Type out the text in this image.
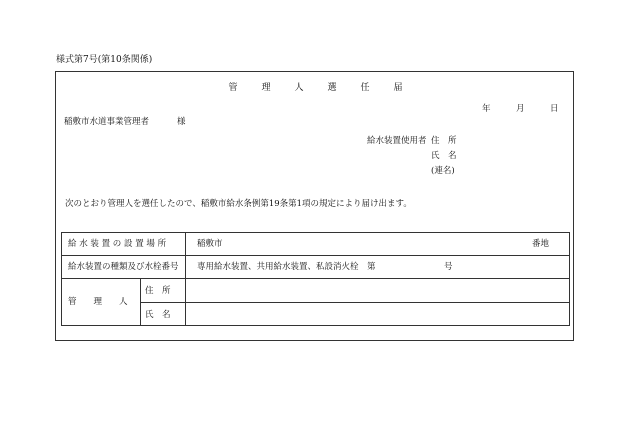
様式第7号(第10条関係)
管	理	人	選	任	届
年	月	日
稲敷市水道事業管理者	様
給水装置使用者 住　所
氏　名
(連名)
次のとおり管理人を選任したので、稲敷市給水条例第19条第1項の規定により届け出ます。
給 水 装 置 の 設 置 場 所	稲敷市	番地
給水装置の種類及び水栓番号 専用給水装置、共用給水装置、私設消火栓　第	号
管　　理　　人
住　所
氏　名
